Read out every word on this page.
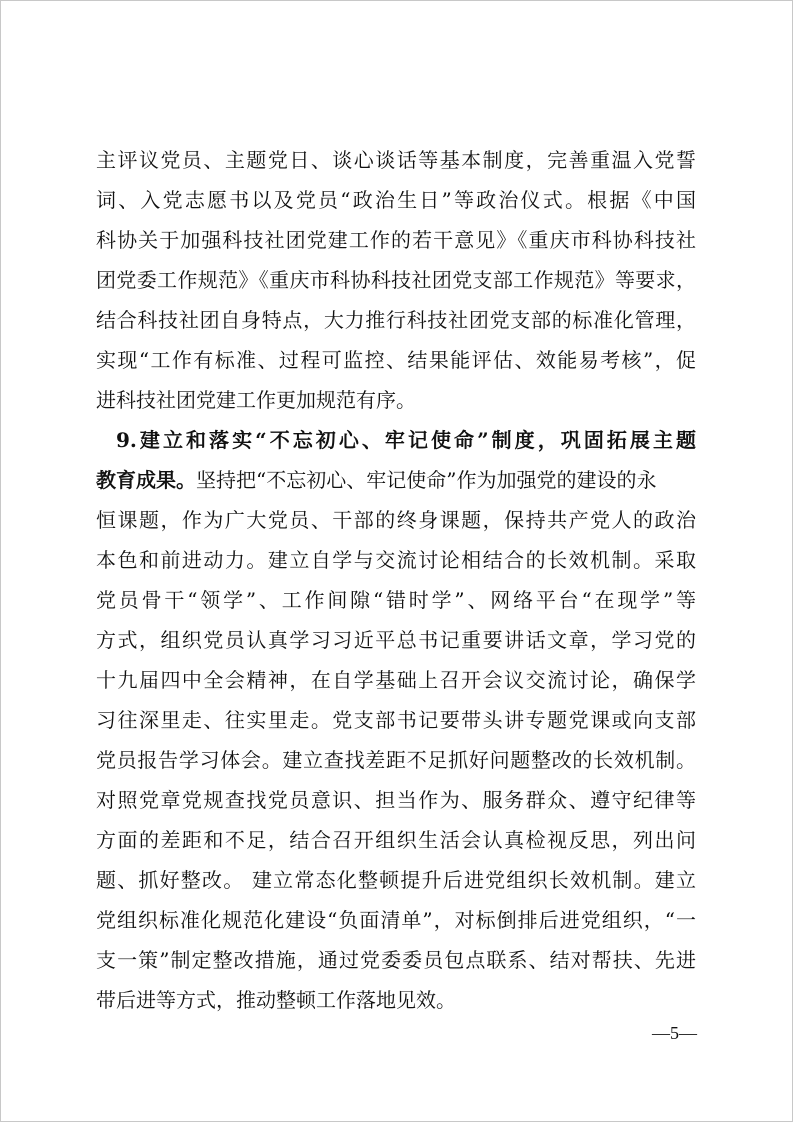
主评议党员、主题党日、谈心谈话等基本制度，完善重温入党誓
词、入党志愿书以及党员“政治生日”等政治仪式。根据《中国
科协关于加强科技社团党建工作的若干意见》《重庆市科协科技社
团党委工作规范》《重庆市科协科技社团党支部工作规范》等要求，
结合科技社团自身特点，大力推行科技社团党支部的标准化管理，
实现“工作有标准、过程可监控、结果能评估、效能易考核”，促
进科技社团党建工作更加规范有序。
9.建立和落实“不忘初心、牢记使命”制度，巩固拓展主题
教育成果。坚持把“不忘初心、牢记使命”作为加强党的建设的永
恒课题，作为广大党员、干部的终身课题，保持共产党人的政治
本色和前进动力。建立自学与交流讨论相结合的长效机制。采取
党员骨干“领学”、工作间隙“错时学”、网络平台“在现学”等
方式，组织党员认真学习习近平总书记重要讲话文章，学习党的
十九届四中全会精神，在自学基础上召开会议交流讨论，确保学
习往深里走、往实里走。党支部书记要带头讲专题党课或向支部
党员报告学习体会。建立查找差距不足抓好问题整改的长效机制。
对照党章党规查找党员意识、担当作为、服务群众、遵守纪律等
方面的差距和不足，结合召开组织生活会认真检视反思，列出问
题、抓好整改。 建立常态化整顿提升后进党组织长效机制。建立
党组织标准化规范化建设“负面清单”，对标倒排后进党组织，“一
支一策”制定整改措施，通过党委委员包点联系、结对帮扶、先进
带后进等方式，推动整顿工作落地见效。
—5—
